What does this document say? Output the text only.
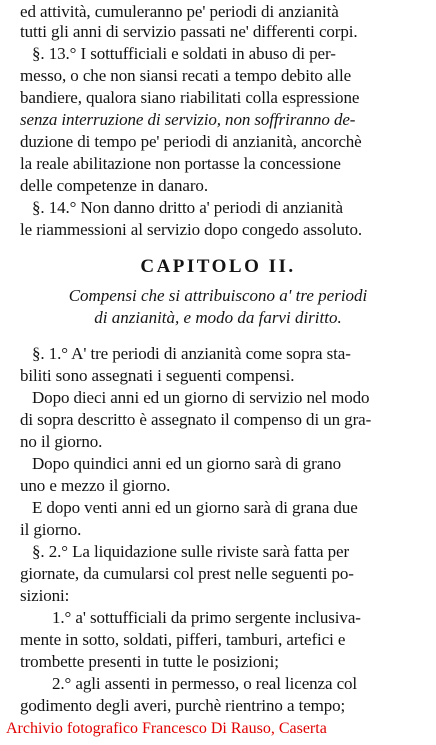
ed attività, cumuleranno pe' periodi di anzianità
tutti gli anni di servizio passati ne' differenti corpi.
§. 13.° I sottufficiali e soldati in abuso di per-
messo, o che non siansi recati a tempo debito alle
bandiere, qualora siano riabilitati colla espressione
senza interruzione di servizio, non soffriranno de-
duzione di tempo pe' periodi di anzianità, ancorchè
la reale abilitazione non portasse la concessione
delle competenze in danaro.
§. 14.° Non danno dritto a' periodi di anzianità
le riammessioni al servizio dopo congedo assoluto.
CAPITOLO II.
Compensi che si attribuiscono a' tre periodi
di anzianità, e modo da farvi diritto.
§. 1.° A' tre periodi di anzianità come sopra sta-
biliti sono assegnati i seguenti compensi.
Dopo dieci anni ed un giorno di servizio nel modo
di sopra descritto è assegnato il compenso di un gra-
no il giorno.
Dopo quindici anni ed un giorno sarà di grano
uno e mezzo il giorno.
E dopo venti anni ed un giorno sarà di grana due
il giorno.
§. 2.° La liquidazione sulle riviste sarà fatta per
giornate, da cumularsi col prest nelle seguenti po-
sizioni:
1.° a' sottufficiali da primo sergente inclusiva-
mente in sotto, soldati, pifferi, tamburi, artefici e
trombette presenti in tutte le posizioni;
2.° agli assenti in permesso, o real licenza col
godimento degli averi, purchè rientrino a tempo;
Archivio fotografico Francesco Di Rauso, Caserta
